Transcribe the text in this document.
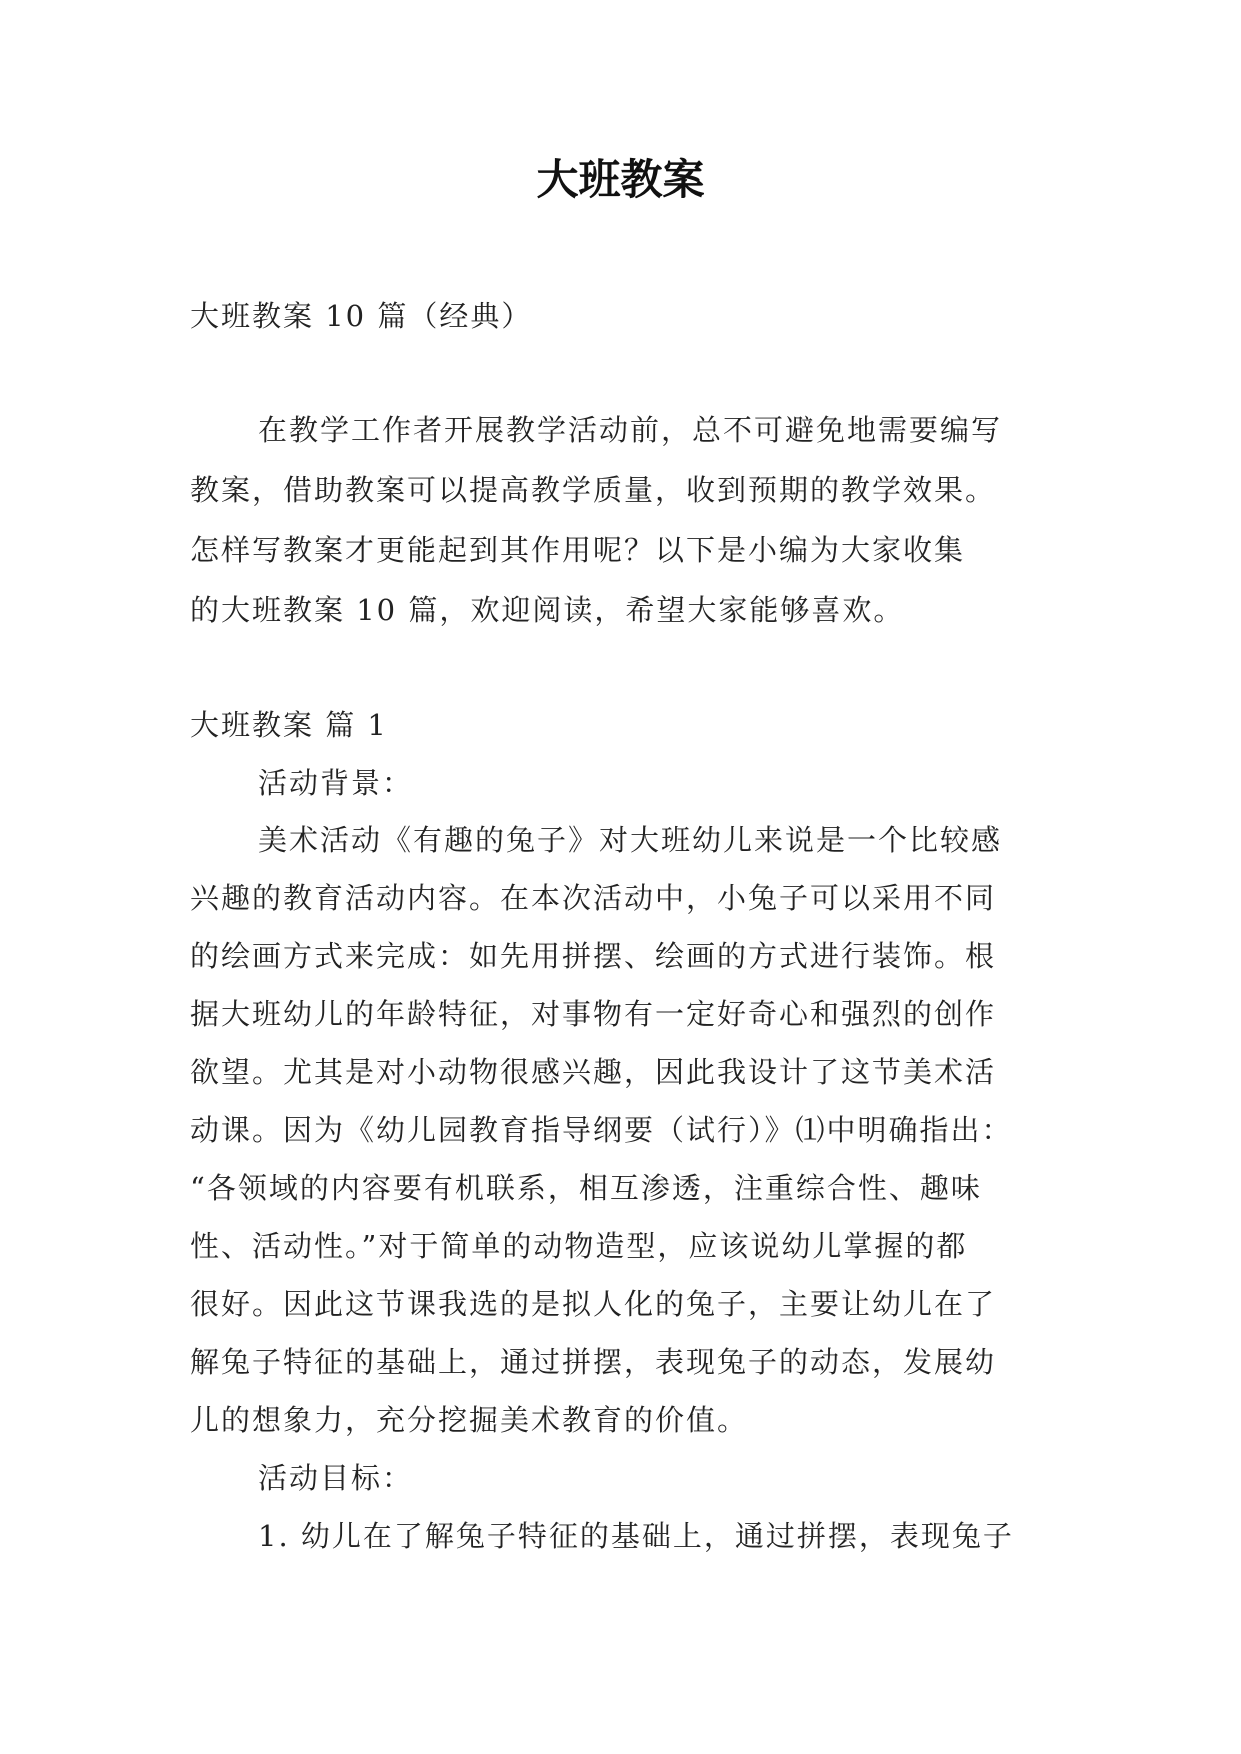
大班教案

大班教案 10 篇（经典）

在教学工作者开展教学活动前，总不可避免地需要编写

教案，借助教案可以提高教学质量，收到预期的教学效果。

怎样写教案才更能起到其作用呢？以下是小编为大家收集

的大班教案 10 篇，欢迎阅读，希望大家能够喜欢。

大班教案 篇 1

活动背景：

美术活动《有趣的兔子》对大班幼儿来说是一个比较感

兴趣的教育活动内容。在本次活动中，小兔子可以采用不同

的绘画方式来完成：如先用拼摆、绘画的方式进行装饰。根

据大班幼儿的年龄特征，对事物有一定好奇心和强烈的创作

欲望。尤其是对小动物很感兴趣，因此我设计了这节美术活

动课。因为《幼儿园教育指导纲要（试行）》⑴中明确指出：

“各领域的内容要有机联系，相互渗透，注重综合性、趣味

性、活动性。”对于简单的动物造型，应该说幼儿掌握的都

很好。因此这节课我选的是拟人化的兔子，主要让幼儿在了

解兔子特征的基础上，通过拼摆，表现兔子的动态，发展幼

儿的想象力，充分挖掘美术教育的价值。

活动目标：

1. 幼儿在了解兔子特征的基础上，通过拼摆，表现兔子
